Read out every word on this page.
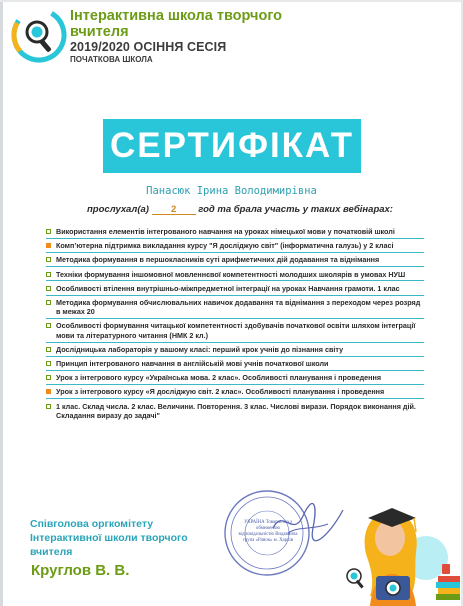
Інтерактивна школа творчого вчителя
2019/2020 ОСІННЯ СЕСІЯ
ПОЧАТКОВА ШКОЛА
СЕРТИФІКАТ
Панасюк Ірина Володимирівна
прослухал(а) 2 год та брала участь у таких вебінарах:
Використання елементів інтегрованого навчання на уроках німецької мови у початковій школі
Комп’ютерна підтримка викладання курсу "Я досліджую світ" (інформатична галузь) у 2 класі
Методика формування в першокласників суті арифметичних дій додавання та віднімання
Техніки формування іншомовної мовленнєвої компетентності молодших школярів в умовах НУШ
Особливості втілення внутрішньо-міжпредметної інтеграції на уроках Навчання грамоти. 1 клас
Методика формування обчислювальних навичок додавання та віднімання з переходом через розряд в межах 20
Особливості формування читацької компетентності здобувачів початкової освіти шляхом інтеграції мови та літературного читання (НМК 2 кл.)
Дослідницька лабораторія у вашому класі: перший крок учнів до пізнання світу
Принцип інтегрованого навчання в англійській мові учнів початкової школи
Урок з інтегрового курсу «Українська мова. 2 клас». Особливості планування і проведення
Урок з інтегрового курсу «Я досліджую світ. 2 клас». Особливості планування і проведення
1 клас. Склад числа. 2 клас. Величини. Повторення. 3 клас. Числові вирази. Порядок виконання дій. Складання виразу до задачі"
Співголова оргкомітету Інтерактивної школи творчого вчителя
Круглов В. В.
УКРАЇНА Товариство з обмеженою відповідальністю Видавнича група «Ранок» м. Харків
